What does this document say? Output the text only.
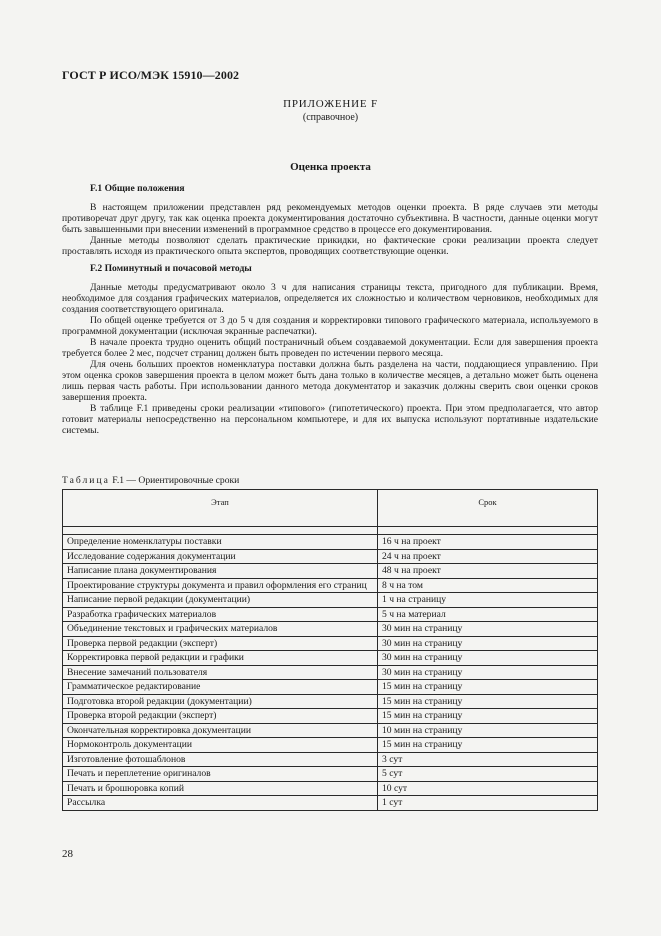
ГОСТ Р ИСО/МЭК 15910—2002
ПРИЛОЖЕНИЕ F
(справочное)
Оценка проекта
F.1 Общие положения

В настоящем приложении представлен ряд рекомендуемых методов оценки проекта. В ряде случаев эти методы противоречат друг другу, так как оценка проекта документирования достаточно субъективна. В частности, данные оценки могут быть завышенными при внесении изменений в программное средство в процессе его документирования.

Данные методы позволяют сделать практические прикидки, но фактические сроки реализации проекта следует проставлять исходя из практического опыта экспертов, проводящих соответствующие оценки.

F.2 Поминутный и почасовой методы

Данные методы предусматривают около 3 ч для написания страницы текста, пригодного для публикации. Время, необходимое для создания графических материалов, определяется их сложностью и количеством черновиков, необходимых для создания соответствующего оригинала.

По общей оценке требуется от 3 до 5 ч для создания и корректировки типового графического материала, используемого в программной документации (исключая экранные распечатки).

В начале проекта трудно оценить общий постраничный объем создаваемой документации. Если для завершения проекта требуется более 2 мес, подсчет страниц должен быть проведен по истечении первого месяца.

Для очень больших проектов номенклатура поставки должна быть разделена на части, поддающиеся управлению. При этом оценка сроков завершения проекта в целом может быть дана только в количестве месяцев, а детально может быть оценена лишь первая часть работы. При использовании данного метода документатор и заказчик должны сверить свои оценки сроков завершения проекта.

В таблице F.1 приведены сроки реализации «типового» (гипотетического) проекта. При этом предполагается, что автор готовит материалы непосредственно на персональном компьютере, и для их выпуска используют портативные издательские системы.

Таблица F.1 — Ориентировочные сроки
Этап	Срок

Определение номенклатуры поставки	16 ч на проект
Исследование содержания документации	24 ч на проект
Написание плана документирования	48 ч на проект
Проектирование структуры документа и правил оформления его страниц	8 ч на том
Написание первой редакции (документации)	1 ч на страницу
Разработка графических материалов	5 ч на материал
Объединение текстовых и графических материалов	30 мин на страницу
Проверка первой редакции (эксперт)	30 мин на страницу
Корректировка первой редакции и графики	30 мин на страницу
Внесение замечаний пользователя	30 мин на страницу
Грамматическое редактирование	15 мин на страницу
Подготовка второй редакции (документации)	15 мин на страницу
Проверка второй редакции (эксперт)	15 мин на страницу
Окончательная корректировка документации	10 мин на страницу
Нормоконтроль документации	15 мин на страницу
Изготовление фотошаблонов	3 сут
Печать и переплетение оригиналов	5 сут
Печать и брошюровка копий	10 сут
Рассылка	1 сут
28
